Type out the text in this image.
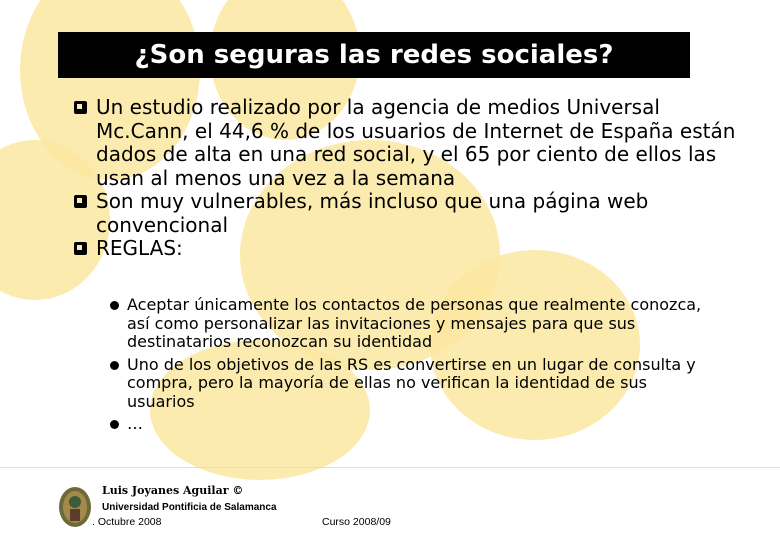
¿Son seguras las redes sociales?
Un estudio realizado por la agencia de medios Universal Mc.Cann, el 44,6 % de los usuarios de Internet de España están dados de alta en una red social, y el 65 por ciento de ellos las usan al menos una vez a la semana
Son muy vulnerables, más incluso que una página web convencional
REGLAS:
Aceptar únicamente los contactos de personas que realmente conozca, así como personalizar las invitaciones y mensajes para que sus destinatarios reconozcan su identidad
Uno de los objetivos de las RS es convertirse en un lugar de consulta y compra, pero la mayoría de ellas no verifican la identidad de sus usuarios
…
Luis Joyanes Aguilar ©
Universidad Pontificia de Salamanca
. Octubre 2008	Curso 2008/09
